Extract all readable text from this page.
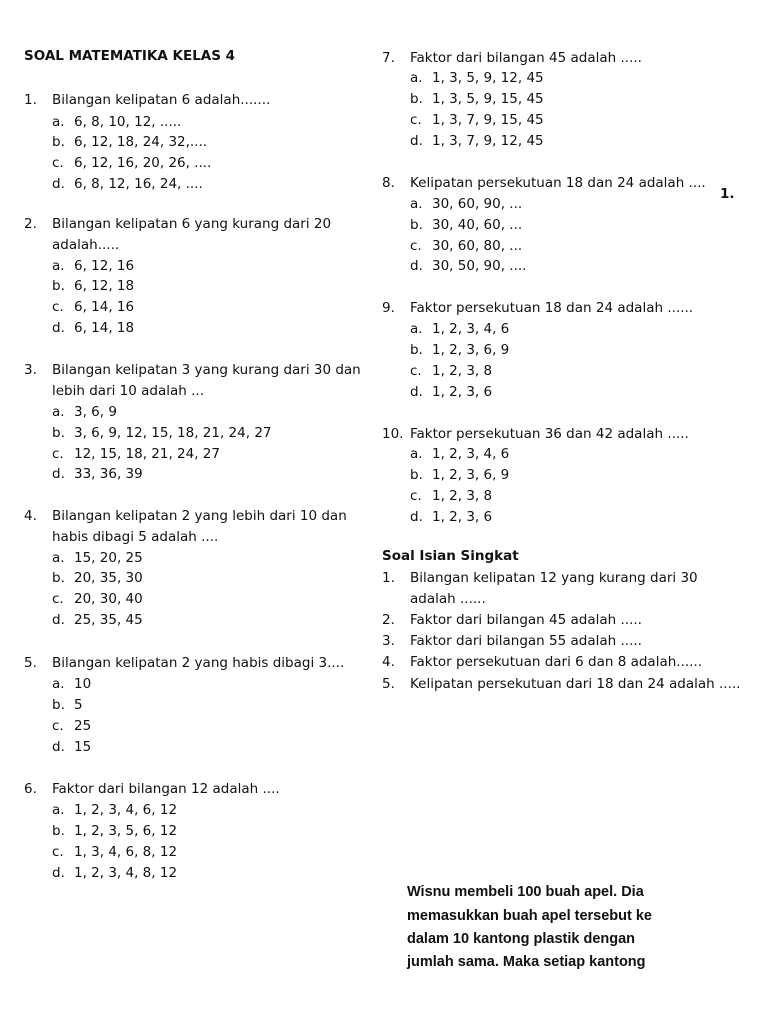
SOAL MATEMATIKA KELAS 4
1.
1. Bilangan kelipatan 6 adalah.......
a. 6, 8, 10, 12, .....
b. 6, 12, 18, 24, 32,....
c. 6, 12, 16, 20, 26, ....
d. 6, 8, 12, 16, 24, ....
2. Bilangan kelipatan 6 yang kurang dari 20
adalah.....
a. 6, 12, 16
b. 6, 12, 18
c. 6, 14, 16
d. 6, 14, 18
3. Bilangan kelipatan 3 yang kurang dari 30 dan
lebih dari 10 adalah ...
a. 3, 6, 9
b. 3, 6, 9, 12, 15, 18, 21, 24, 27
c. 12, 15, 18, 21, 24, 27
d. 33, 36, 39
4. Bilangan kelipatan 2 yang lebih dari 10 dan
habis dibagi 5 adalah ....
a. 15, 20, 25
b. 20, 35, 30
c. 20, 30, 40
d. 25, 35, 45
5. Bilangan kelipatan 2 yang habis dibagi 3....
a. 10
b. 5
c. 25
d. 15
6. Faktor dari bilangan 12 adalah ....
a. 1, 2, 3, 4, 6, 12
b. 1, 2, 3, 5, 6, 12
c. 1, 3, 4, 6, 8, 12
d. 1, 2, 3, 4, 8, 12
7. Faktor dari bilangan 45 adalah .....
a. 1, 3, 5, 9, 12, 45
b. 1, 3, 5, 9, 15, 45
c. 1, 3, 7, 9, 15, 45
d. 1, 3, 7, 9, 12, 45
8. Kelipatan persekutuan 18 dan 24 adalah ....
a. 30, 60, 90, ...
b. 30, 40, 60, ...
c. 30, 60, 80, ...
d. 30, 50, 90, ....
9. Faktor persekutuan 18 dan 24 adalah ......
a. 1, 2, 3, 4, 6
b. 1, 2, 3, 6, 9
c. 1, 2, 3, 8
d. 1, 2, 3, 6
10. Faktor persekutuan 36 dan 42 adalah .....
a. 1, 2, 3, 4, 6
b. 1, 2, 3, 6, 9
c. 1, 2, 3, 8
d. 1, 2, 3, 6
Soal Isian Singkat
1. Bilangan kelipatan 12 yang kurang dari 30
adalah ......
2. Faktor dari bilangan 45 adalah .....
3. Faktor dari bilangan 55 adalah .....
4. Faktor persekutuan dari 6 dan 8 adalah......
5. Kelipatan persekutuan dari 18 dan 24 adalah .....
Wisnu membeli 100 buah apel. Dia
memasukkan buah apel tersebut ke
dalam 10 kantong plastik dengan
jumlah sama. Maka setiap kantong
